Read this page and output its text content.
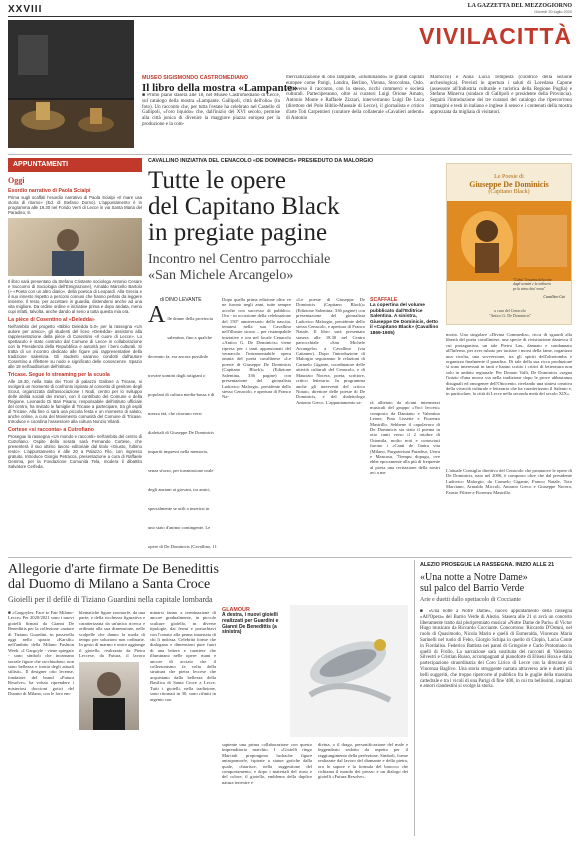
XXVIII	LA GAZZETTA DEL MEZZOGIORNO
Giovedì 30 luglio 2020
VIVILACITTÀ
MUSEO SIGISMONDO CASTROMEDIANO
Il libro della mostra «Lampante»
■ Primo piano stasera alle 18, nel Museo Castromediano di Lecce, sul catalogo della mostra «Lampante. Gallipoli, città dell'olio» (in foto). Un racconto che, per tutta l'estate ha celebrato nel Castello di Gallipoli, «l'oro liquido» che, dall'inizio del XVI secolo, permise alla città jonica di divenire la maggiore piazza europea per la produzione e la com-
mercializzazione di olio lampante, «illuminando» le grandi capitali europee come Parigi, Londra, Berlino, Vienna, Stoccolma, Oslo. Attraverso il racconto, con lo stesso, ricchi commerci e società culturali. Parteciperanno, oltre ai curatori Luigi Orione Amato, Antonio Monte e Raffaele Zizzari, interverranno Luigi De Luca (direttore del Polo Biblio-Museale di Lecce), il giornalista e critico d'arte Toti Carpentieri (curatore della collaterale «Cavalieri ardenti» di Antonio
Marrocco) e Anna Lucia Tempesta (curatrice della sezione archeologica). Previsti in apertura i saluti di Loredana Capone (assessore all'Industria culturale e turistica della Regione Puglia) e Stefano Minerva (sindaco di Gallipoli e presidente della Provincia). Seguirà l'introduzione dei tre curatori del catalogo che ripercorrono immagini e testi in italiano e inglese il senso e i contenuti della mostra apprezzata da migliaia di visitatori.
APPUNTAMENTI
Oggi
Esordio narrativo di Paola Scialpi
Prima sugli scaffali l'esordio narrativo di Paola Scialpi «Il mare usa storia di ritorno» (Ed. di Stefano Dorno). L'appuntamento è in programma alle 19.30 nel Fondo Verri di Lecce in via Santa Maria del Paradiso, 8.
Il libro sarà presentato da Stefano Cristante sociologo Antonio Cesare e Succomo di Sociologia dell'Emigrazione), Arnaldo Marcello Bartolo (» «Poeta con un altro diario». della poetica di Leopardi. Alla Grecia e il suo innesto rispetto a percorsi comuni che hanno perlato da leggere insieme. Il resto, per accettare in guardia, distendersi anche ad una vita migliore. Da ordine ordine e iniziative prima e dopo andata, meno cupi infatti, talvolta, anche dando al seno a tutta questa mia ora.
La pièce di Cosentino al «Deledda»
Nell'ambito del progetto «Biblio Deledda 5.0» per la rassegna «Un autore per amico», gli studenti del liceo «Deledda» assistono alla rappresentazione della pièce di Cosentino «Il cuore di Lecce». Lo spettacolo è stato costruito dal Comune di Lecce in collaborazione con la Presidenza della Repubblica e autorità per i beni culturali. Si tratta di un incontro dedicato alle figure più rappresentative della tradizione salentina. Gli studenti saranno condotti dall'autore Cosentino a riflettere su nodo e significato delle conoscenze. Spazio alle 18 nell'auditorium dell'istituto.
Tricase. Segue lo streaming per la scuola
Alle 18.30, nella Sala dei Troni di palazzo Gallone a Tricase, si svolgerà un momento di confronto ispirato al concetto di genitore degli Scout, organizzata dall'associazione I Nodi, centro per lo sviluppo delle abilità sociali dei minori, con il contributo del Comune e della Regione. Leonardo Di Bari Pisano, responsabile dell'istituto ufficiale del centro, ha invitato le famiglie di Tricase a partecipare, tra gli ospiti di Tricase. Alla fine ci sarà una piccola festa e un momento di saluto, anche online, a cura del Movimento comunità del Comune di Tricase. Introduce e coordina l'assessore alla cultura Nunzio Vilardi.
Cortese «si racconta» a Cutrofiano
Prosegue la rassegna «Un mondo e racconti» nell'ambito del centro di Cutrofiano. Ospite della serata sarà Fernando Cortese, che presenterà il suo ultimo lavoro editoriale dal titolo «Giusto, l'ultimo resto». L'appuntamento è alle 20 a Palazzo Filo, con ingresso gratuito. Introduce Giorgio Petracca, presentazione a cura di Raffaele Gemma, per la Fondazione Comunità Tela, modera il dibattito Salvatore Cerfeda.
CAVALLINO INIZIATIVA DEL CENACOLO «DE DOMINICIS» PRESIEDUTO DA MALORGIO
Tutte le opere
del Capitano Black
in pregiate pagine
Incontro nel Centro parrocchiale
«San Michele Arcangelo»
Le Poesie di
Giuseppe De Dominicis
(Capitano Black)
"Cchiu' l'essenza delu core
dagli uomini e la ordinera
pe lu simu chiu' nonu"
Cavallino Gai
a cura del Cenacolo
"Antico G. De Dominicis"
di DINO LEVANTE
A lle donne della provincia salentina, fino a qualche decennio fa, era ancora possibile trovare uomini dagli artigiani o popolani di cultura media-bassa e di mezza età, che citavano versi dialettali di Giuseppe De Dominicis impariti impressi nella memoria, senza sforzo, per trasmissione orale degli anziani ai giovani, tra amici, specialmente se utili a inserirsi in uno stato d'animo contingente. Le opere di De Dominicis (Cavallino, 11
Dopo quella prima edizione oltre ve ne furono negli anni, tutte sempre accolte con successo di pubblico. Ora - in occasione della celebrazione del 150° anniversario della nascita, tenutesi nella sua Cavallino nell'illustre sicuro – per ristampabile iniziative e ora nel locale Cenacolo «Antico G. De Dominicis» viene ripresa per i tanti appassionati del vernacolo l'intramontabile opera omnia del poeta cavallinese «Le poesie di Giuseppe De Dominicis (Capitano Black)» (Edizione Salentina, 336 pagine) con presentazione del giornalista Ludovico Malorgio, presidente dello stesso Cenacolo, e apertura di Franco Na-
«Le poesie di Giuseppe De Dominicis (Capitano Black)» (Edizione Salentina, 336 pagine) con presentazione del giornalista Ludovico Malorgio, presidente dello stesso Cenacolo, e apertura di Franco Natale. Il libro sarà presentato stasera alle 18.30 nel Centro parrocchiale «San Michele Arcangelo» a Cavallino (via Cattaneo). Dopo l'introduzione di Malorgio seguiranno le relazioni di Carmelo Gigante, coordinatore delle attività culturali del Cenacolo, e di Maurizio Nocera, poeta, scrittore, critico letterario. In programma anche gli interventi del critico Notaio, direttore delle poesie di De Dominicis, e del dialettologo Antonio Greco. L'appuntamento sa-
SCAFFALE
La copertina del volume pubblicato dall'Editrice Salentina. A sinistra, Giuseppe De Dominicis, detto il «Capitano Black» (Cavallino 1869-1905)
rà allietato da alcuni intermezzi musicali del gruppo «Voci leccesi» composto da Damiano e Valentino Leone, Pino Lissette e Fiorenzo Mastrillo. Sebbene il capolavoro di De Dominicis sia stato il poema in otto canti verso il 2 ottobre di Ottomila, molto noti e conosciuti furono i «Canti de l'autra vita (Milano, Purgatorium Paradiso, Uerra e Mancasu, 'Tiempu dopugu, ove ebbe epocamente alla più di frequente al poeta una recitazione della nostri avi a me
moria. Una singolare «Divina Commedia», ricca di sguardi alla libertà del poeta cavalliniese, una specie di rivisitazione dantesca il cui protagonista, un tale Pietru Lau, dannato e condannato all'Inferno, per aver rubato per tacitare i morsi della fame, organizza una rivolta, una sovversione, tra gli spiriti dell'oltretomba e organizza finalmente il paradiso. Di tale della sua ricca produzione si sono interessati in tanti e hanno scritto i critici di letteratura non solo in ambito regionale. Per Donato Valli, De Dominicis «segna l'inizio d'una nuova via nella tradizione dopo le prove abbastanza disuguali ed omogenee dell'Ottocento, rivelando una sintesi creativa della vivacità culturale e letteraria che ha caratterizzato il Salento e, in particolare, la città di Lecce nella seconda metà del secolo XIX».
L'attuale Consiglio direttivo del Cenacolo che promuove le opere di De Dominicis, nato nel 2006, è composto oltre che dal presidente Ludovico Malorgio, da Carmelo Gigante, Franco Natale, Toto Marciano, Armaldo Miccoli, Antonio Greco e Giuseppe Nocera, Fausto Filiere e Fiorenzo Mastrillo.
Allegorie d'arte firmate De Benedittis
dal Duomo di Milano a Santa Croce
Gioielli per il defilè di Tiziano Guardini nella capitale lombarda
■ «Gargoyles: Face to Fair Milano-Lecce» Per 2020/2021 sono i nuovi gioielli firmati da Gianni De Benedittis per la collezione «nature di Tiziano Guardini, in passerella oggi nello spazio «Karsfit» nell'ambito della Milano Fashion Week. «I Gargoyle - viene spiegato - sono simboli che incarnano sacrale figure che racchiudono, non sono bellezza e ironia degli attuali stilisti». Il designer otto lecense, fondatore del brand «Futura Resolve», ha voluto riprendere i misteriosi doccioni gotici del Duomo di Milano, con le loro em-
blematiche figure zoomorfe, da una parte; e della ricchezza figurativa e caratterizzata da un'unica ricerca e ordinata alla sua dimensione, nelle scalpelle che danno la moda di tempo per soluzioni non ordinarie. In gesto di marmo e onice aggiunge il gioiello, realizzato da Pietra Leccese, da Futura, il lavoro
minarsi fanno a terminazione di ancore gradualmente, in piccole sculture gioiello, in diverse tipologie, dai fermi e portachiavi con l'ornato alla penna intarsiata di chi li indossa. Celebrità forme che dialogano e dimensioni pure fuori di una lettera e carattere che illuminano nelle opere: mani e ancore di acciaio che il collezionismo fa volta della struttura che pietra leccese che acquistano dalla bellezza della Basilica di Santa Croce a Lecce. Tutti i gioielli, nella tradizione, sono ritornati in 30, sono rifiniti in argento con
GLAMOUR
A destra, i nuovi gioielli realizzati per Guardini e Gianni De Benedittis (a sinistra)
sapiente una prima collaborazione con questo imprenditorio marchio. I «Gioielli ringo Marciali propongono luchache figure antropomorfe, ispirate a statue gotiche dalla quale, chiarisce, nella suggestione del comportamento, e dopo i materiali del riuso e del colore, il gioiello, emblema della duplice natura terrestre e
divina, o il drago, personificazione del male e leggendario sedotto da aspetto per il raggiungimento della perfezione. Simboli, forme realizzate dal lavoro del diamante e della pietra, ora lo sapore e la formula del barocco che richiama il mondo dei prezzo e un dialogo dei gioielli «Futura Resolve».
ALEZIO PROSEGUE LA RASSEGNA. INIZIO ALLE 21
«Una notte a Notre Dame»
sul palco del Barrio Verde
Arie e duetti dallo spettacolo di Cocciante
■ «Una notte a Notre Dame», nuovo appuntamento della rassegna «All'Opera» del Barrio Verde di Alezio. Stasera alle 21 si avrà un concerto liberamente tratto dal pluripremiato musical «Notre Dame de Paris» di Victor Hugo musicato da Riccardo Cocciante. Concorrono: Riccardo D'Ostuni, nel ruolo di Quasimodo, Nicola Marin e quelli di Esmeralda, Vincenzo Maria Sarinelli nel ruolo di Febo, Giorgio Schipa in quello di Clopin, Lucia Conte in Fiordaliso. Federico Battista nei panni di Gringoire e Carlo Protomano in quelli di Frollo. La narrazione sarà sostituita dei racconti di Valentino Silvestri e Cristian Russo, accompagnati al pianoforte di Eliseni Hoxa e dalla partecipazione straordinaria dei Coro Lirico di Lecce con la direzione di Vincenza Baglivo. Una storia struggente narrata attraverso arie e duetti più belli suggeriti, che troppo ripercorre al pubblico fra le guglie della massima cattedrale e tra i vicoli di una Parigi di fine '400, in cui tra bellissimi, inspirati e amori clandestini si svolge la storia.
